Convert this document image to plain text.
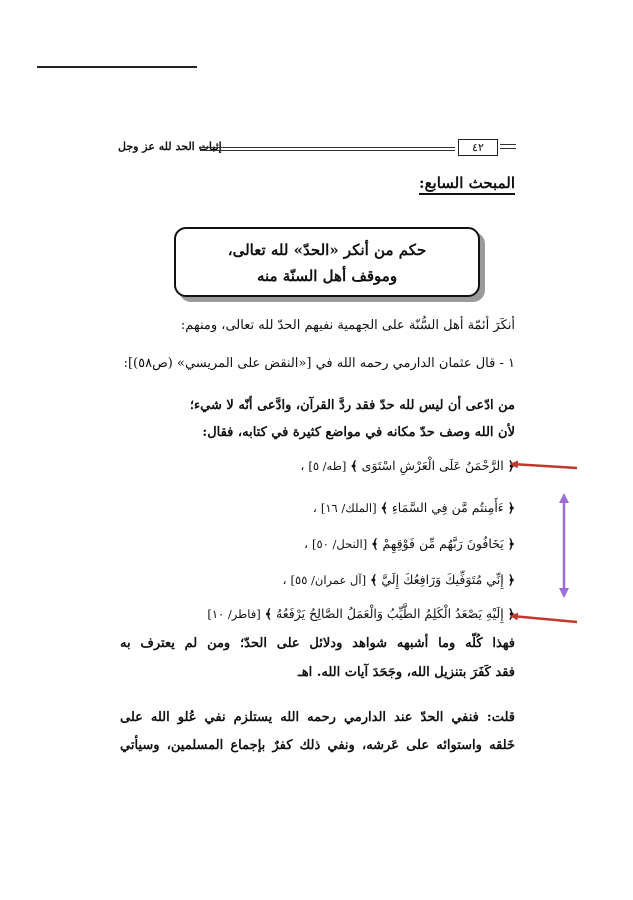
إثبات الحد لله عز وجل	٤٢
المبحث السابع:
حكم من أنكر «الحدّ» لله تعالى،
وموقف أهل السنّة منه
أنكَرَ أئمّة أهل السُّنّة على الجهمية نفيهم الحدّ لله تعالى، ومنهم:
١ - قال عثمان الدارمي رحمه الله في [«النقض على المريسي» (ص٥٨)]:
من ادّعى أن ليس لله حدّ فقد ردَّ القرآن، وادَّعى أنّه لا شيء؛
لأن الله وصف حدّ مكانه في مواضع كثيرة في كتابه، فقال:
﴿ الرَّحْمَنُ عَلَى الْعَرْشِ اسْتَوَى ﴾ [طه/ ٥] ،
﴿ ءَأَمِنتُم مَّن فِي السَّمَاءِ ﴾ [الملك/ ١٦] ،
﴿ يَخَافُونَ رَبَّهُم مِّن فَوْقِهِمْ ﴾ [النحل/ ٥٠] ،
﴿ إِنِّي مُتَوَفِّيكَ وَرَافِعُكَ إِلَيَّ ﴾ [آل عمران/ ٥٥] ،
﴿ إِلَيْهِ يَصْعَدُ الْكَلِمُ الطَّيِّبُ وَالْعَمَلُ الصَّالِحُ يَرْفَعُهُ ﴾ [فاطر/ ١٠]
فهذا كُلّه وما أشبهه شواهد ودلائل على الحدّ؛ ومن لم يعترف به
فقد كَفَرَ بتنزيل الله، وجَحَدَ آيات الله. اهـ
قلت: فنفي الحدّ عند الدارمي رحمه الله يستلزم نفي عُلو الله على
خَلقه واستوائه على عَرشه، ونفي ذلك كفرٌ بإجماع المسلمين، وسيأتي
